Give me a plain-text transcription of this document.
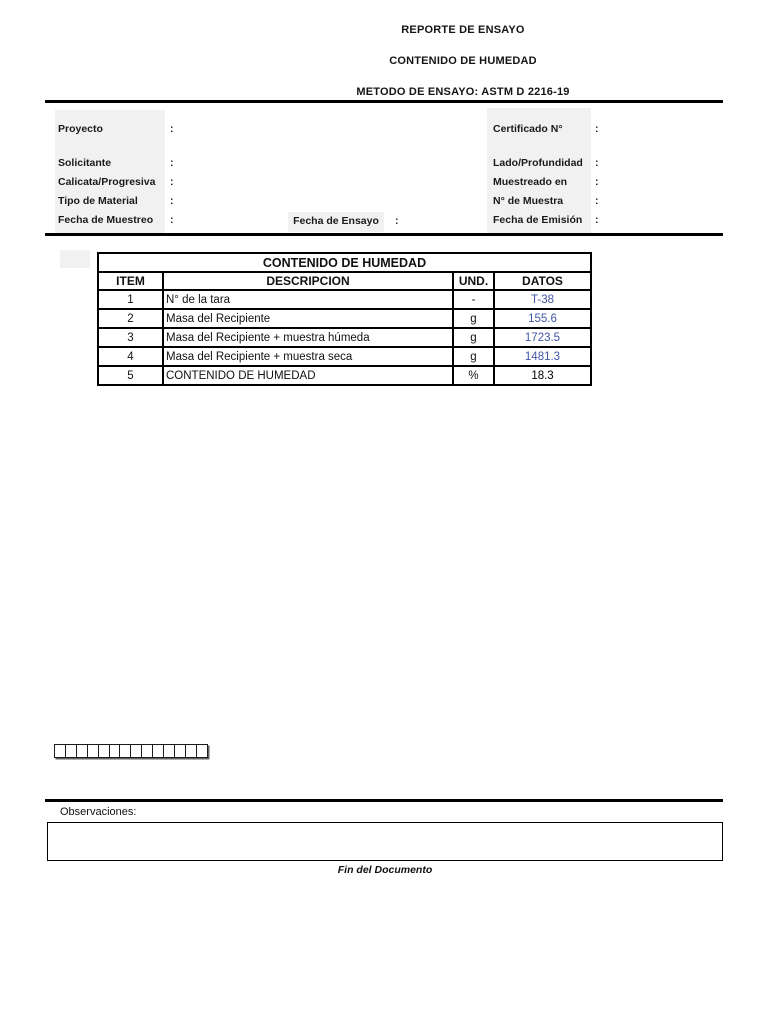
REPORTE DE ENSAYO
CONTENIDO DE HUMEDAD
METODO DE ENSAYO: ASTM D 2216-19
Proyecto	:
Solicitante	:
Calicata/Progresiva :
Tipo de Material	:
Fecha de Muestreo :	Fecha de Ensayo	:
Certificado N°	:
Lado/Profundidad :
Muestreado en	:
N° de Muestra	:
Fecha de Emisión :
CONTENIDO DE HUMEDAD			
ITEM	DESCRIPCION	UND.	DATOS
1	N° de la tara	-	T-38
2	Masa del Recipiente	g	155.6
3	Masa del Recipiente + muestra húmeda	g	1723.5
4	Masa del Recipiente + muestra seca	g	1481.3
5	CONTENIDO DE HUMEDAD	%	18.3
Observaciones:
Fin del Documento
